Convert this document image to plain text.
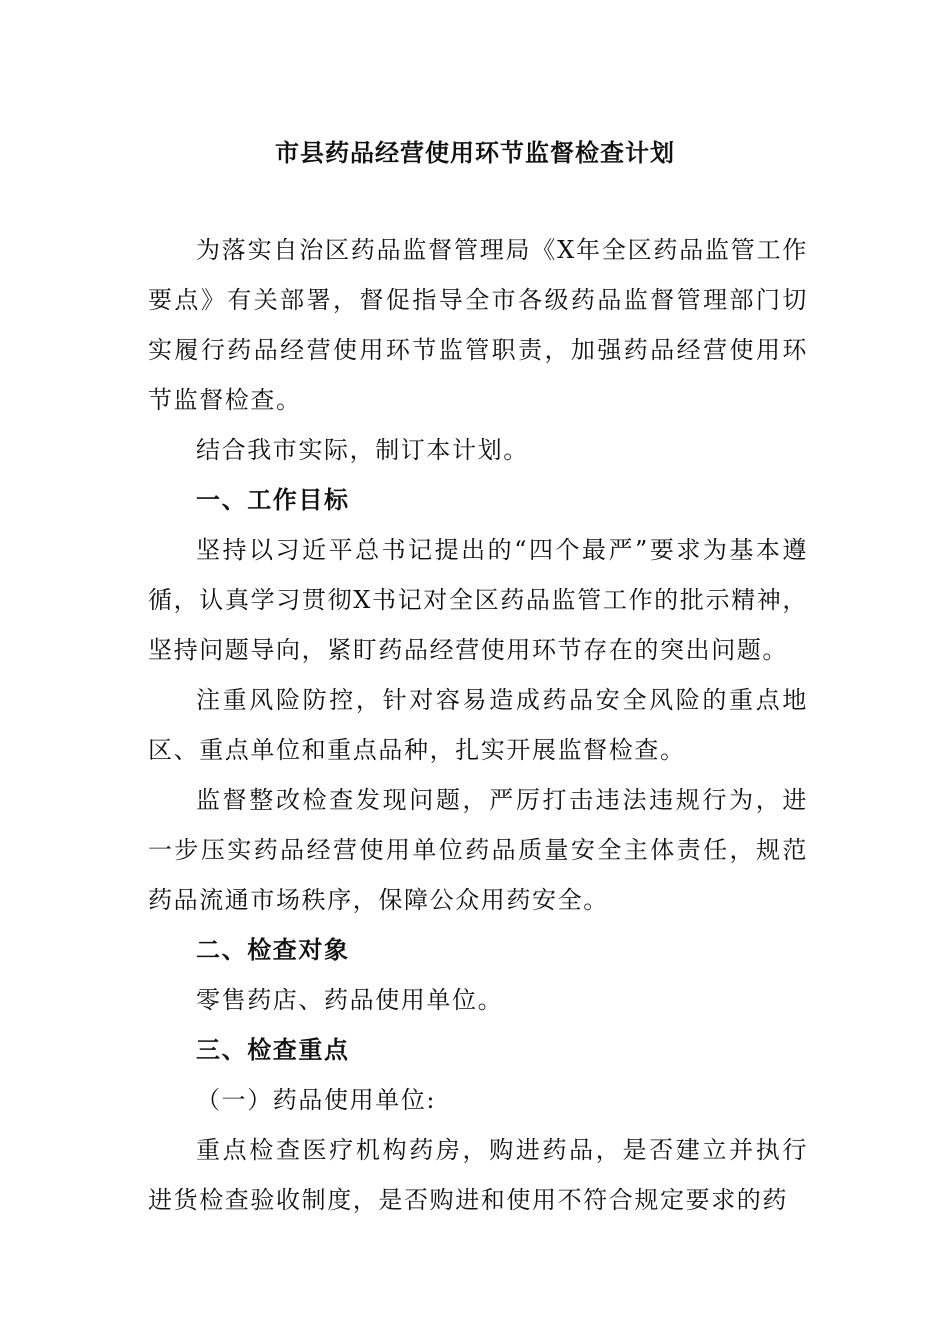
市县药品经营使用环节监督检查计划

为落实自治区药品监督管理局《X年全区药品监管工作要点》有关部署，督促指导全市各级药品监督管理部门切实履行药品经营使用环节监管职责，加强药品经营使用环节监督检查。

结合我市实际，制订本计划。

一、工作目标

坚持以习近平总书记提出的“四个最严”要求为基本遵循，认真学习贯彻X书记对全区药品监管工作的批示精神，坚持问题导向，紧盯药品经营使用环节存在的突出问题。

注重风险防控，针对容易造成药品安全风险的重点地区、重点单位和重点品种，扎实开展监督检查。

监督整改检查发现问题，严厉打击违法违规行为，进一步压实药品经营使用单位药品质量安全主体责任，规范药品流通市场秩序，保障公众用药安全。

二、检查对象

零售药店、药品使用单位。

三、检查重点

（一）药品使用单位:

重点检查医疗机构药房，购进药品，是否建立并执行进货检查验收制度，是否购进和使用不符合规定要求的药
